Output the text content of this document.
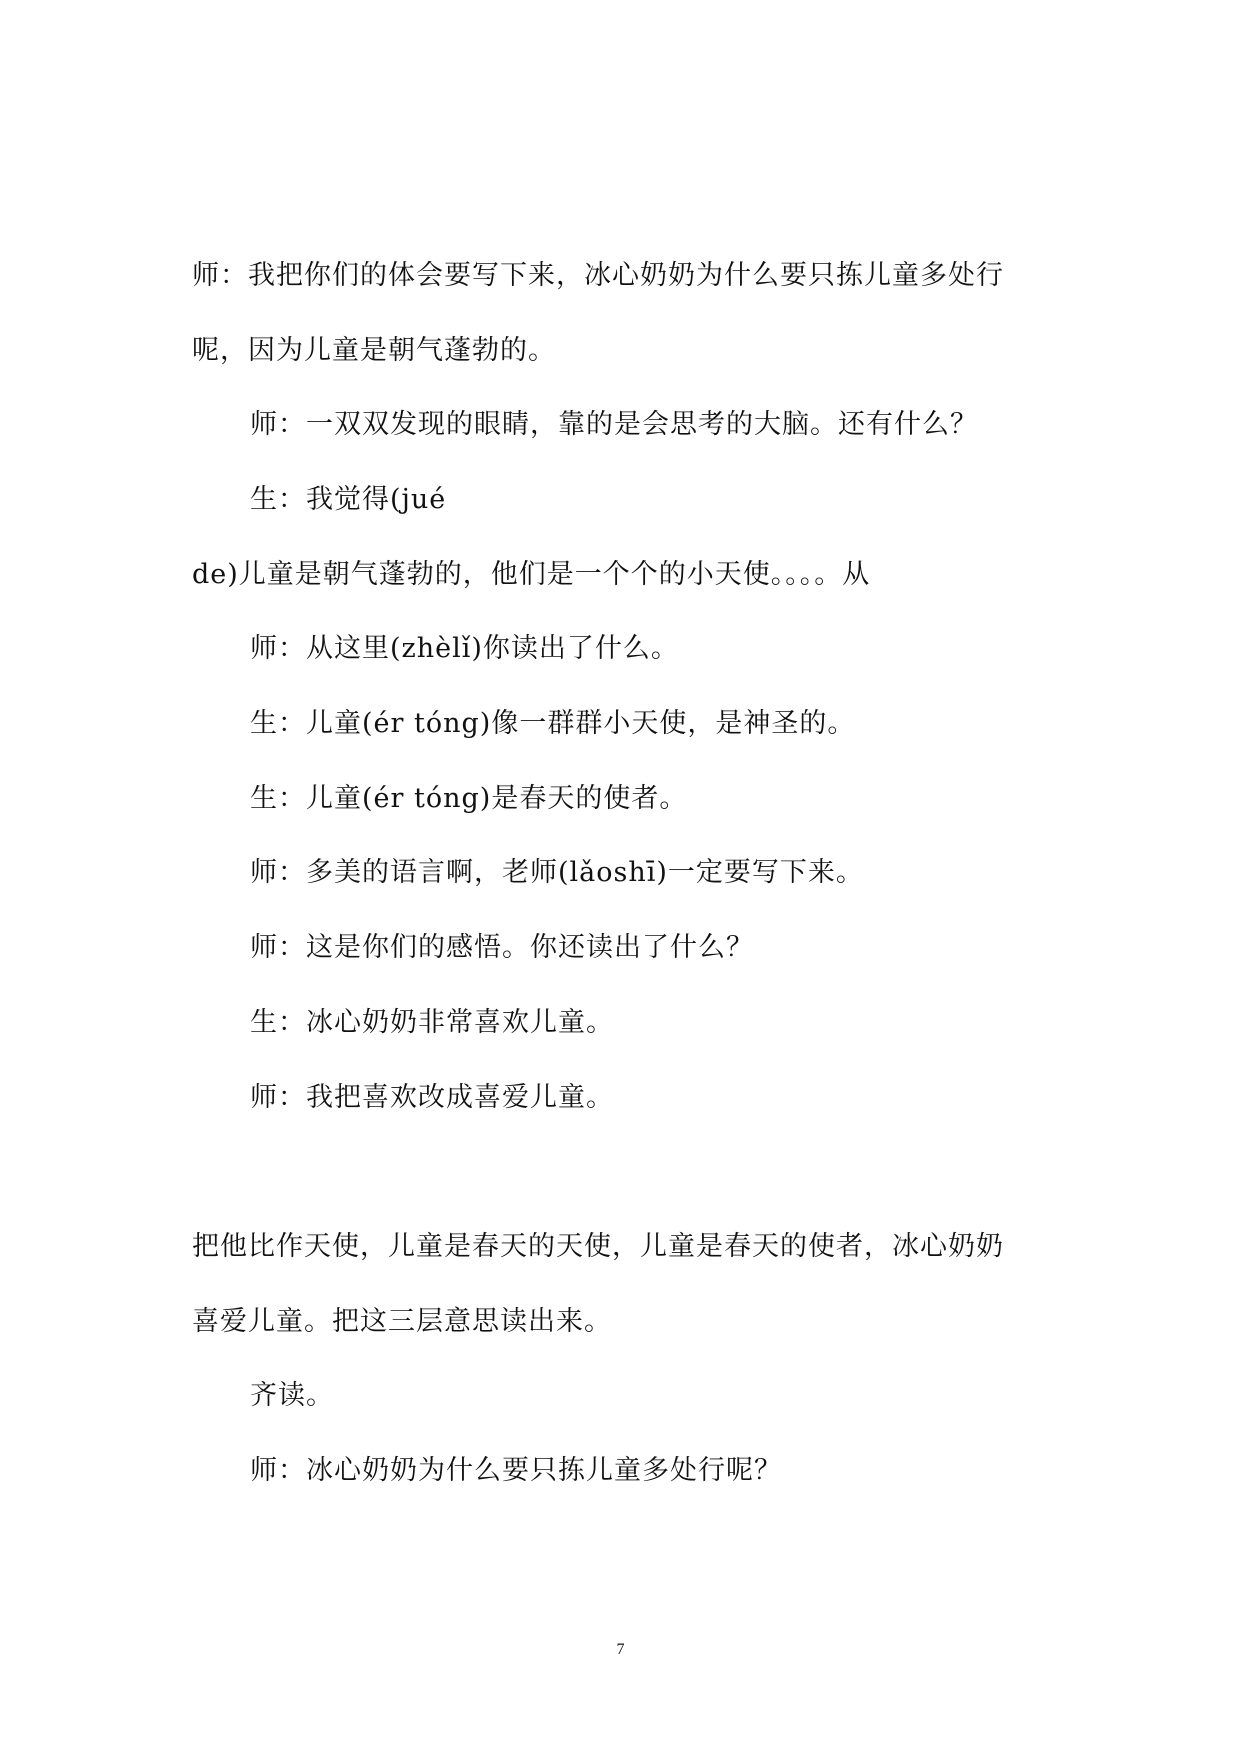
师：我把你们的体会要写下来，冰心奶奶为什么要只拣儿童多处行

呢，因为儿童是朝气蓬勃的。

师：一双双发现的眼睛，靠的是会思考的大脑。还有什么？

生：我觉得(jué

de)儿童是朝气蓬勃的，他们是一个个的小天使。。。。从

师：从这里(zhèlǐ)你读出了什么。

生：儿童(ér tóng)像一群群小天使，是神圣的。

生：儿童(ér tóng)是春天的使者。

师：多美的语言啊，老师(lǎoshī)一定要写下来。

师：这是你们的感悟。你还读出了什么？

生：冰心奶奶非常喜欢儿童。

师：我把喜欢改成喜爱儿童。

把他比作天使，儿童是春天的天使，儿童是春天的使者，冰心奶奶

喜爱儿童。把这三层意思读出来。

齐读。

师：冰心奶奶为什么要只拣儿童多处行呢？

7
